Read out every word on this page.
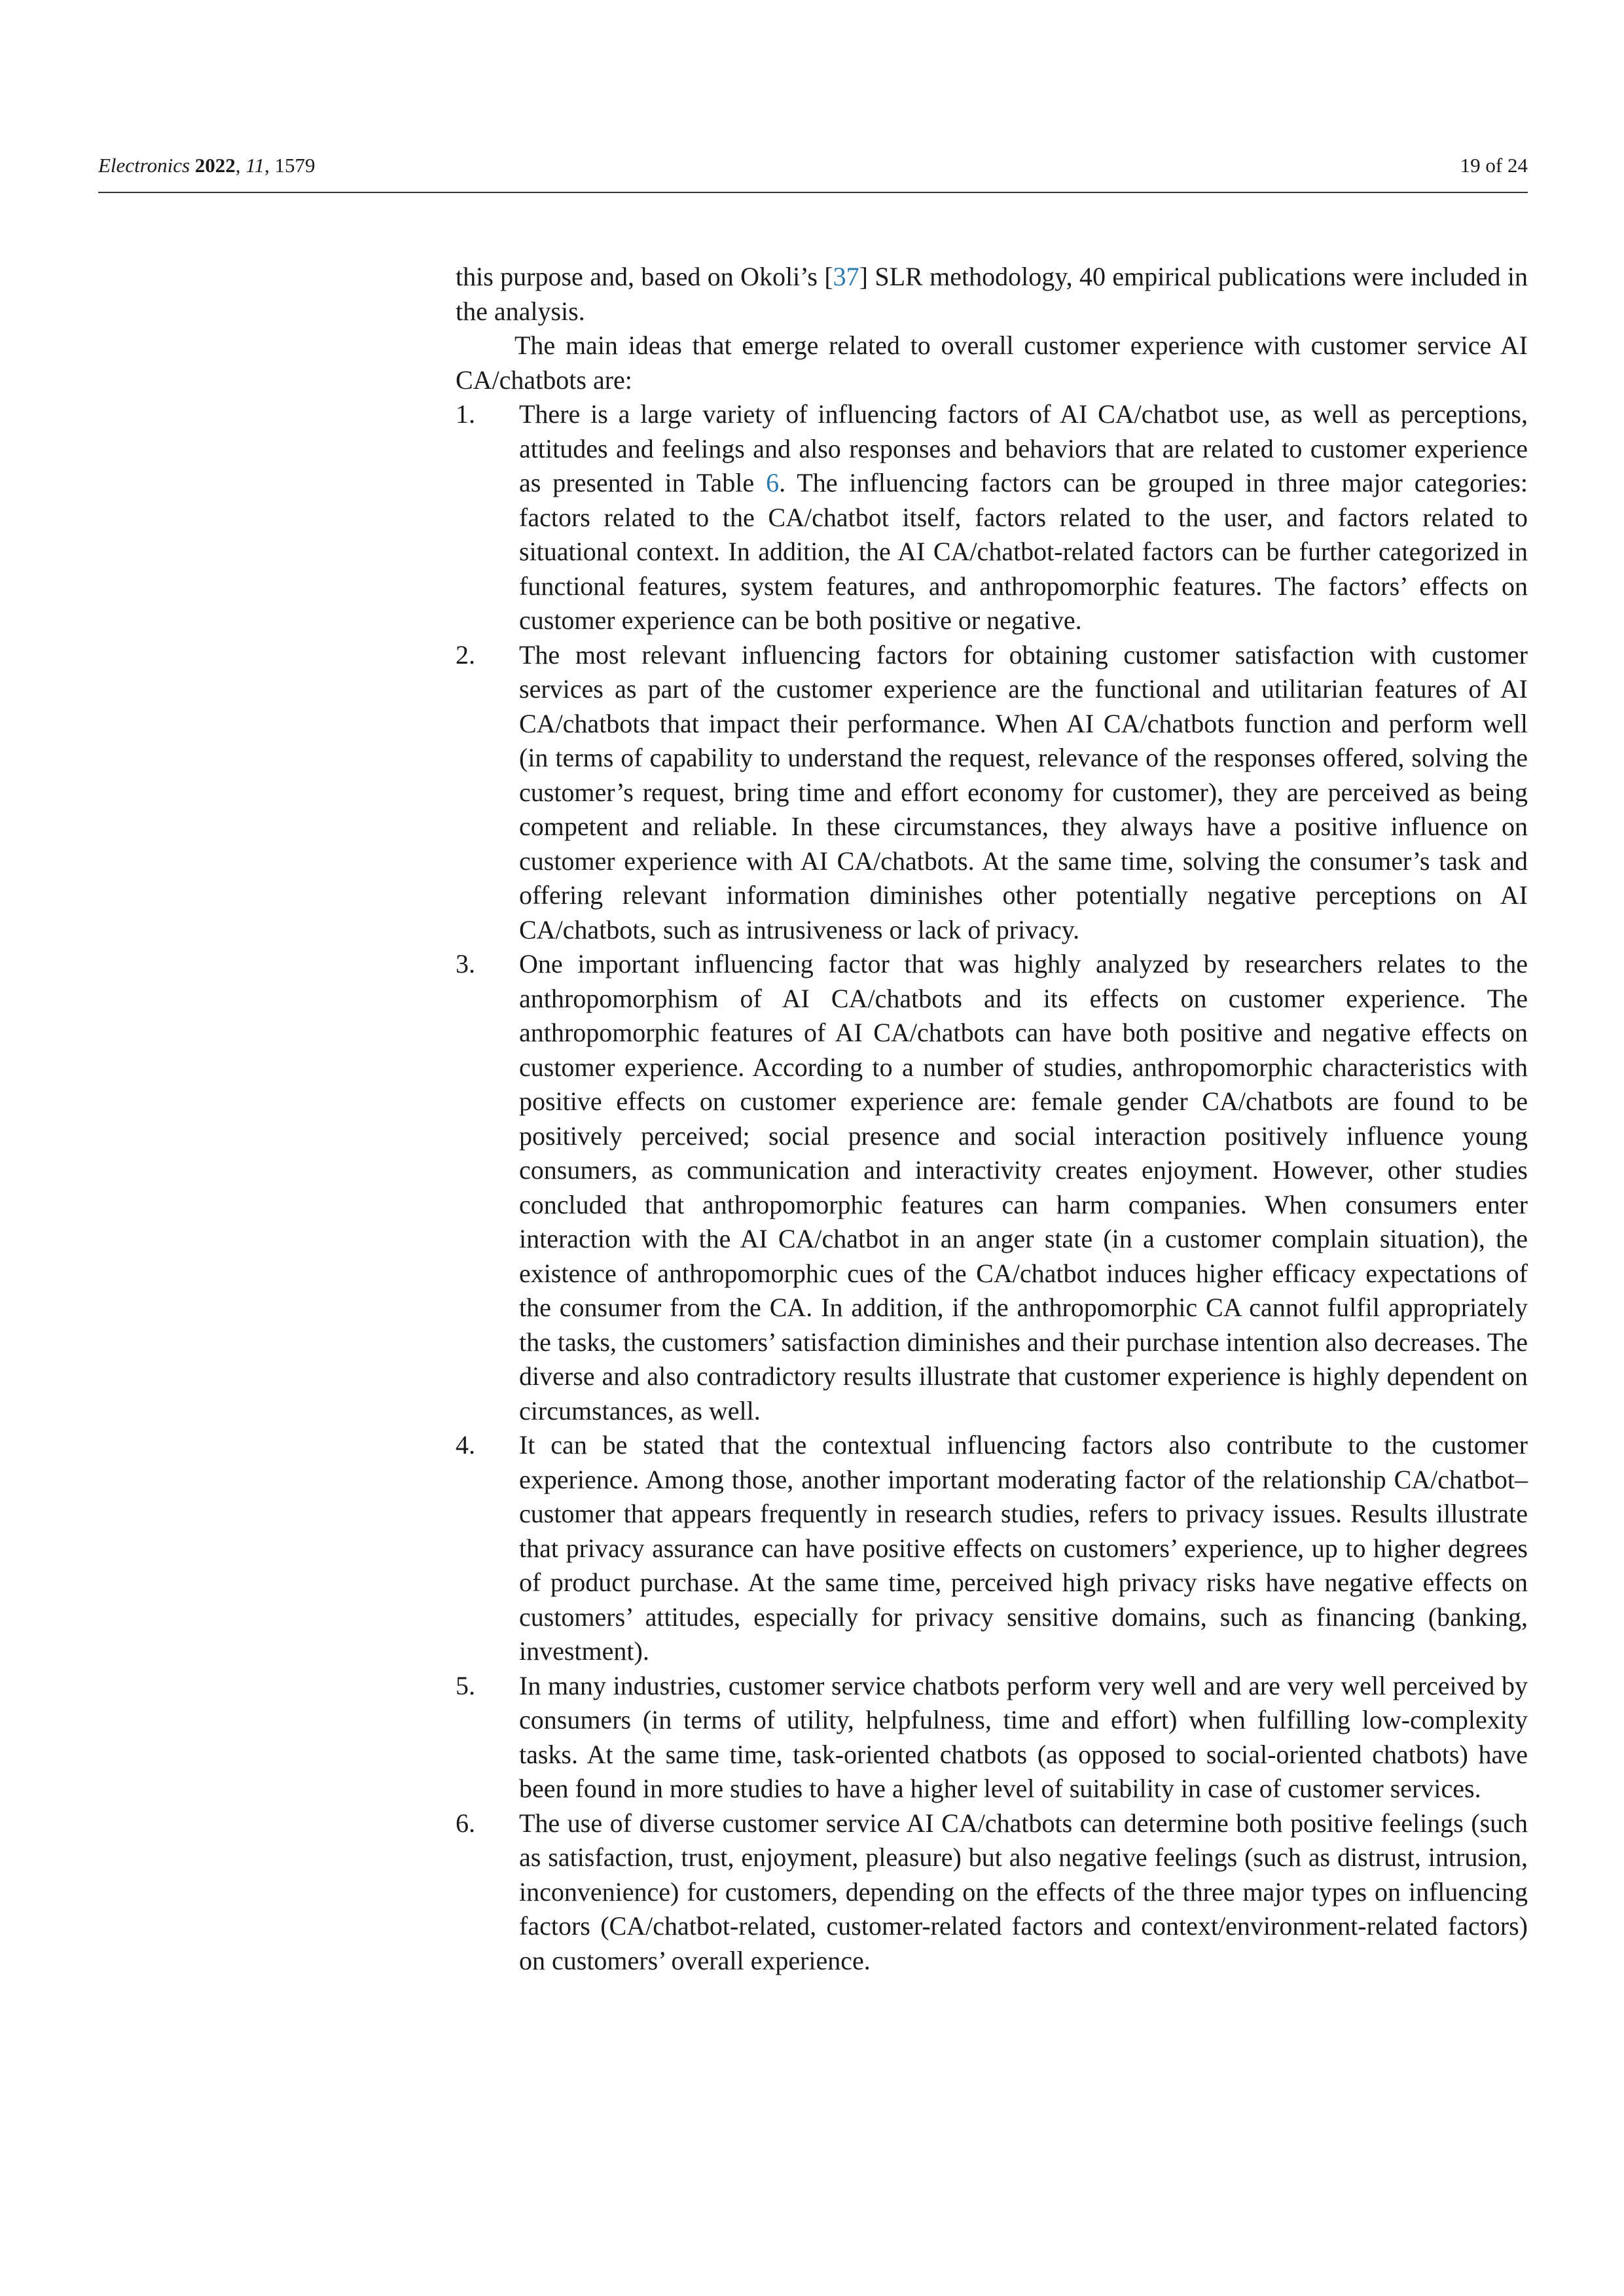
Electronics 2022, 11, 1579	19 of 24

this purpose and, based on Okoli’s [37] SLR methodology, 40 empirical publications were included in the analysis.

The main ideas that emerge related to overall customer experience with customer service AI CA/chatbots are:

1. There is a large variety of influencing factors of AI CA/chatbot use, as well as perceptions, attitudes and feelings and also responses and behaviors that are related to customer experience as presented in Table 6. The influencing factors can be grouped in three major categories: factors related to the CA/chatbot itself, factors related to the user, and factors related to situational context. In addition, the AI CA/chatbot-related factors can be further categorized in functional features, system features, and anthropomorphic features. The factors’ effects on customer experience can be both positive or negative.
2. The most relevant influencing factors for obtaining customer satisfaction with customer services as part of the customer experience are the functional and utilitarian features of AI CA/chatbots that impact their performance. When AI CA/chatbots function and perform well (in terms of capability to understand the request, relevance of the responses offered, solving the customer’s request, bring time and effort economy for customer), they are perceived as being competent and reliable. In these circumstances, they always have a positive influence on customer experience with AI CA/chatbots. At the same time, solving the consumer’s task and offering relevant information diminishes other potentially negative perceptions on AI CA/chatbots, such as intrusiveness or lack of privacy.
3. One important influencing factor that was highly analyzed by researchers relates to the anthropomorphism of AI CA/chatbots and its effects on customer experience. The anthropomorphic features of AI CA/chatbots can have both positive and negative effects on customer experience. According to a number of studies, anthropomorphic characteristics with positive effects on customer experience are: female gender CA/chatbots are found to be positively perceived; social presence and social interaction positively influence young consumers, as communication and interactivity creates enjoyment. However, other studies concluded that anthropomorphic features can harm companies. When consumers enter interaction with the AI CA/chatbot in an anger state (in a customer complain situation), the existence of anthropomorphic cues of the CA/chatbot induces higher efficacy expectations of the consumer from the CA. In addition, if the anthropomorphic CA cannot fulfil appropriately the tasks, the customers’ satisfaction diminishes and their purchase intention also decreases. The diverse and also contradictory results illustrate that customer experience is highly dependent on circumstances, as well.
4. It can be stated that the contextual influencing factors also contribute to the customer experience. Among those, another important moderating factor of the relationship CA/chatbot–customer that appears frequently in research studies, refers to privacy issues. Results illustrate that privacy assurance can have positive effects on customers’ experience, up to higher degrees of product purchase. At the same time, perceived high privacy risks have negative effects on customers’ attitudes, especially for privacy sensitive domains, such as financing (banking, investment).
5. In many industries, customer service chatbots perform very well and are very well perceived by consumers (in terms of utility, helpfulness, time and effort) when fulfilling low-complexity tasks. At the same time, task-oriented chatbots (as opposed to social-oriented chatbots) have been found in more studies to have a higher level of suitability in case of customer services.
6. The use of diverse customer service AI CA/chatbots can determine both positive feelings (such as satisfaction, trust, enjoyment, pleasure) but also negative feelings (such as distrust, intrusion, inconvenience) for customers, depending on the effects of the three major types on influencing factors (CA/chatbot-related, customer-related factors and context/environment-related factors) on customers’ overall experience.
